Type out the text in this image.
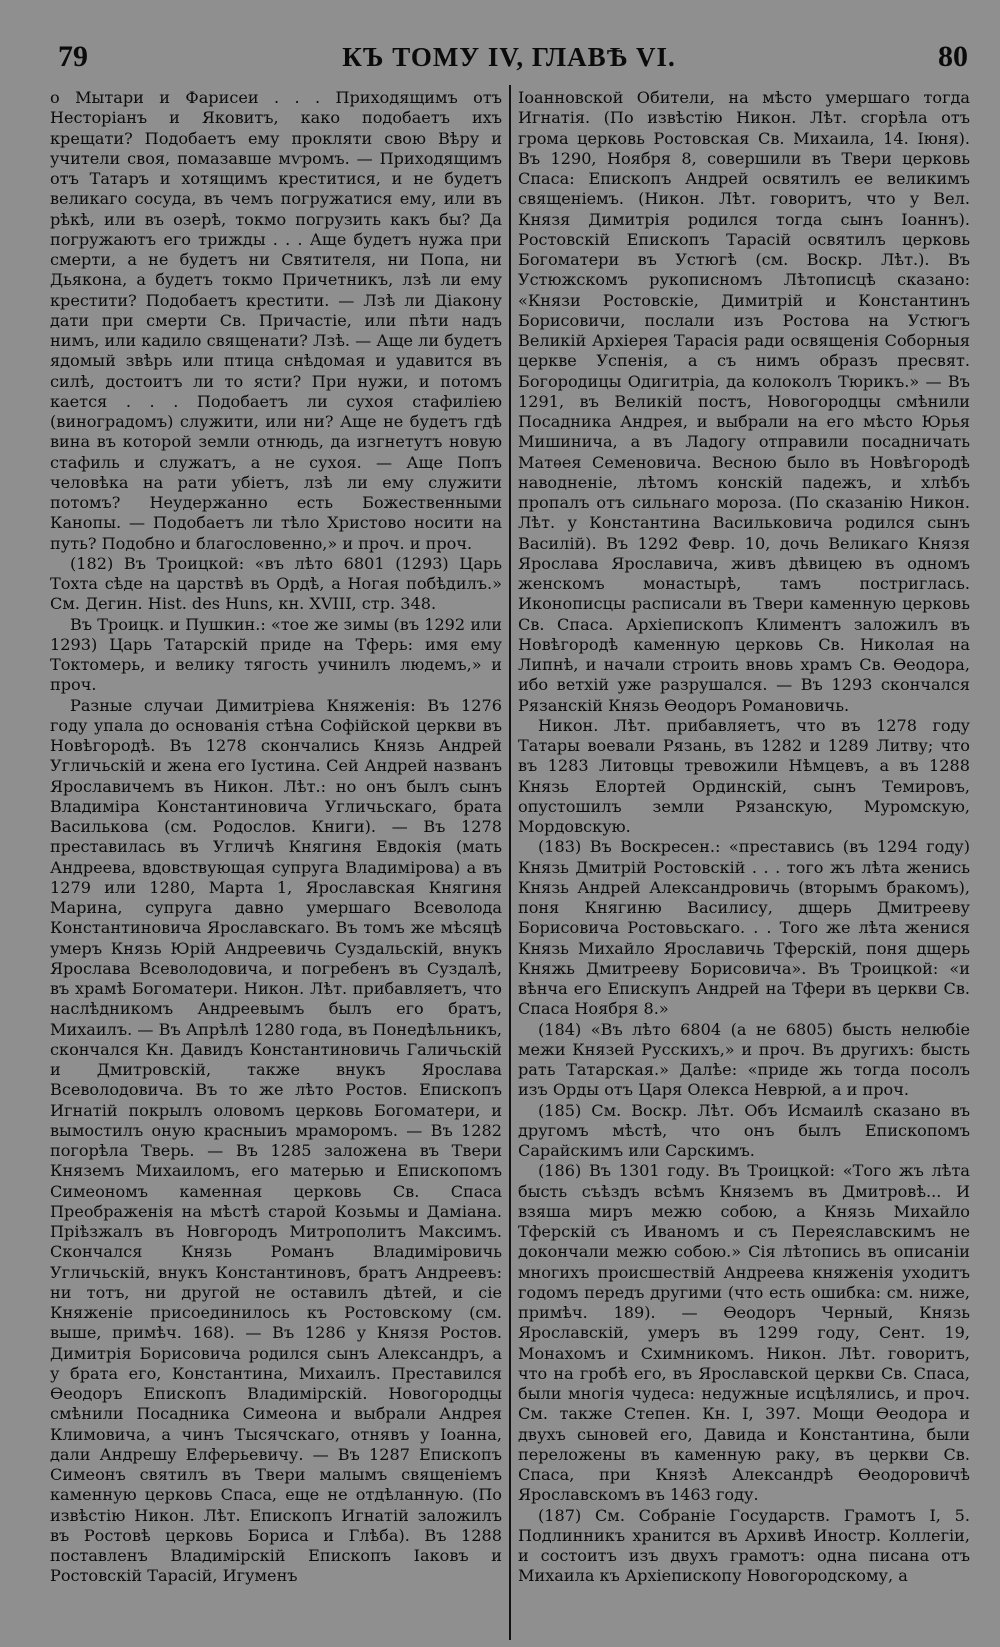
79	КЪ ТОМУ IV, ГЛАВѢ VI.	80

о Мытари и Фарисеи . . . Приходящимъ отъ Несторіанъ и Яковитъ, како подобаетъ ихъ крещати? Подобаетъ ему прокляти свою Вѣру и учители своя, помазавше мѵромъ. — Приходящимъ отъ Татаръ и хотящимъ креститися, и не будетъ великаго сосуда, въ чемъ погружатися ему, или въ рѣкѣ, или въ озерѣ, токмо погрузить какъ бы? Да погружаютъ его трижды . . . Аще будетъ нужа при смерти, а не будетъ ни Святителя, ни Попа, ни Дьякона, а будетъ токмо Причетникъ, лзѣ ли ему крестити? Подобаетъ крестити. — Лзѣ ли Діакону дати при смерти Св. Причастіе, или пѣти надъ нимъ, или кадило священати? Лзѣ. — Аще ли будетъ ядомый звѣрь или птица снѣдомая и удавится въ силѣ, достоитъ ли то ясти? При нужи, и потомъ кается . . . Подобаетъ ли сухоя стафиліею (виноградомъ) служити, или ни? Аще не будетъ гдѣ вина въ которой земли отнюдь, да изгнетутъ новую стафиль и служатъ, а не сухоя. — Аще Попъ человѣка на рати убіетъ, лзѣ ли ему служити потомъ? Неудержанно есть Божественными Канопы. — Подобаетъ ли тѣло Христово носити на путь? Подобно и благословенно,» и проч. и проч.

(182) Въ Троицкой: «въ лѣто 6801 (1293) Царь Тохта сѣде на царствѣ въ Ордѣ, а Ногая побѣдилъ.» См. Дегин. Hist. des Huns, кн. XVIII, стр. 348.

Въ Троицк. и Пушкин.: «тое же зимы (въ 1292 или 1293) Царь Татарскій приде на Тферь: имя ему Токтомерь, и велику тягость учинилъ людемъ,» и проч.

Разные случаи Димитріева Княженія: Въ 1276 году упала до основанія стѣна Софійской церкви въ Новѣгородѣ. Въ 1278 скончались Князь Андрей Угличьскій и жена его Іустина. Сей Андрей названъ Ярославичемъ въ Никон. Лѣт.: но онъ былъ сынъ Владиміра Константиновича Угличьскаго, брата Василькова (см. Родослов. Книги). — Въ 1278 преставилась въ Угличѣ Княгиня Евдокія (мать Андреева, вдовствующая супруга Владимірова) а въ 1279 или 1280, Марта 1, Ярославская Княгиня Марина, супруга давно умершаго Всеволода Константиновича Ярославскаго. Въ томъ же мѣсяцѣ умеръ Князь Юрій Андреевичь Суздальскій, внукъ Ярослава Всеволодовича, и погребенъ въ Суздалѣ, въ храмѣ Богоматери. Никон. Лѣт. прибавляетъ, что наслѣдникомъ Андреевымъ былъ его братъ, Михаилъ. — Въ Апрѣлѣ 1280 года, въ Понедѣльникъ, скончался Кн. Давидъ Константиновичь Галичьскій и Дмитровскій, также внукъ Ярослава Всеволодовича. Въ то же лѣто Ростов. Епископъ Игнатій покрылъ оловомъ церковь Богоматери, и вымостилъ оную красныиъ мраморомъ. — Въ 1282 погорѣла Тверь. — Въ 1285 заложена въ Твери Княземъ Михаиломъ, его матерью и Епископомъ Симеономъ каменная церковь Св. Спаса Преображенія на мѣстѣ старой Козьмы и Даміана. Пріѣзжалъ въ Новгородъ Митрополитъ Максимъ. Скончался Князь Романъ Владиміровичь Угличьскій, внукъ Константиновъ, братъ Андреевъ: ни тотъ, ни другой не оставилъ дѣтей, и сіе Княженіе присоединилось къ Ростовскому (см. выше, примѣч. 168). — Въ 1286 у Князя Ростов. Димитрія Борисовича родился сынъ Александръ, а у брата его, Константина, Михаилъ. Преставился Ѳеодоръ Епископъ Владимірскій. Новогородцы смѣнили Посадника Симеона и выбрали Андрея Климовича, а чинъ Тысячскаго, отнявъ у Іоанна, дали Андрешу Елферьевичу. — Въ 1287 Епископъ Симеонъ святилъ въ Твери малымъ священіемъ каменную церковь Спаса, еще не отдѣланную. (По извѣстію Никон. Лѣт. Епископъ Игнатій заложилъ въ Ростовѣ церковь Бориса и Глѣба). Въ 1288 поставленъ Владимірскій Епископъ Іаковъ и Ростовскій Тарасій, Игуменъ

Іоанновской Обители, на мѣсто умершаго тогда Игнатія. (По извѣстію Никон. Лѣт. сгорѣла отъ грома церковь Ростовская Св. Михаила, 14. Іюня). Въ 1290, Ноября 8, совершили въ Твери церковь Спаса: Епископъ Андрей освятилъ ее великимъ священіемъ. (Никон. Лѣт. говоритъ, что у Вел. Князя Димитрія родился тогда сынъ Іоаннъ). Ростовскій Епископъ Тарасій освятилъ церковь Богоматери въ Устюгѣ (см. Воскр. Лѣт.). Въ Устюжскомъ рукописномъ Лѣтописцѣ сказано: «Князи Ростовскіе, Димитрій и Константинъ Борисовичи, послали изъ Ростова на Устюгъ Великій Архіерея Тарасія ради освященія Соборныя церкве Успенія, а съ нимъ образъ пресвят. Богородицы Одигитріа, да колоколъ Тюрикъ.» — Въ 1291, въ Великій постъ, Новогородцы смѣнили Посадника Андрея, и выбрали на его мѣсто Юрья Мишинича, а въ Ладогу отправили посадничать Матѳея Семеновича. Весною было въ Новѣгородѣ наводненіе, лѣтомъ конскій падежъ, и хлѣбъ пропалъ отъ сильнаго мороза. (По сказанію Никон. Лѣт. у Константина Васильковича родился сынъ Василій). Въ 1292 Февр. 10, дочь Великаго Князя Ярослава Ярославича, живъ дѣвицею въ одномъ женскомъ монастырѣ, тамъ постриглась. Иконописцы расписали въ Твери каменную церковь Св. Спаса. Архіепископъ Климентъ заложилъ въ Новѣгородѣ каменную церковь Св. Николая на Липнѣ, и начали строить вновь храмъ Св. Ѳеодора, ибо ветхій уже разрушался. — Въ 1293 скончался Рязанскій Князь Ѳеодоръ Романовичь.

Никон. Лѣт. прибавляетъ, что въ 1278 году Татары воевали Рязань, въ 1282 и 1289 Литву; что въ 1283 Литовцы тревожили Нѣмцевъ, а въ 1288 Князь Елортей Ординскій, сынъ Темировъ, опустошилъ земли Рязанскую, Муромскую, Мордовскую.

(183) Въ Воскресен.: «преставись (въ 1294 году) Князь Дмитрій Ростовскій . . . того жъ лѣта женись Князь Андрей Александровичь (вторымъ бракомъ), поня Княгиню Василису, дщерь Дмитрееву Борисовича Ростовьскаго. . . Того же лѣта женися Князь Михайло Ярославичь Тферскій, поня дщерь Княжь Дмитрееву Борисовича». Въ Троицкой: «и вѣнча его Епискупъ Андрей на Тфери въ церкви Св. Спаса Ноября 8.»

(184) «Въ лѣто 6804 (а не 6805) бысть нелюбіе межи Князей Русскихъ,» и проч. Въ другихъ: бысть рать Татарская.» Далѣе: «приде жь тогда посолъ изъ Орды отъ Царя Олекса Неврюй, а и проч.

(185) См. Воскр. Лѣт. Объ Исмаилѣ сказано въ другомъ мѣстѣ, что онъ былъ Епископомъ Сарайскимъ или Сарскимъ.

(186) Въ 1301 году. Въ Троицкой: «Того жъ лѣта бысть съѣздъ всѣмъ Княземъ въ Дмитровѣ... И взяша миръ межю собою, а Князь Михайло Тферскій съ Иваномъ и съ Переяславскимъ не докончали межю собою.» Сія лѣтопись въ описаніи многихъ происшествій Андреева княженія уходитъ годомъ передъ другими (что есть ошибка: см. ниже, примѣч. 189). — Ѳеодоръ Черный, Князь Ярославскій, умеръ въ 1299 году, Сент. 19, Монахомъ и Схимникомъ. Никон. Лѣт. говоритъ, что на гробѣ его, въ Ярославской церкви Св. Спаса, были многія чудеса: недужные исцѣлялись, и проч. См. также Степен. Кн. I, 397. Мощи Ѳеодора и двухъ сыновей его, Давида и Константина, были переложены въ каменную раку, въ церкви Св. Спаса, при Князѣ Александрѣ Ѳеодоровичѣ Ярославскомъ въ 1463 году.

(187) См. Собраніе Государств. Грамотъ I, 5. Подлинникъ хранится въ Архивѣ Иностр. Коллегіи, и состоитъ изъ двухъ грамотъ: одна писана отъ Михаила къ Архіепископу Новогородскому, а
